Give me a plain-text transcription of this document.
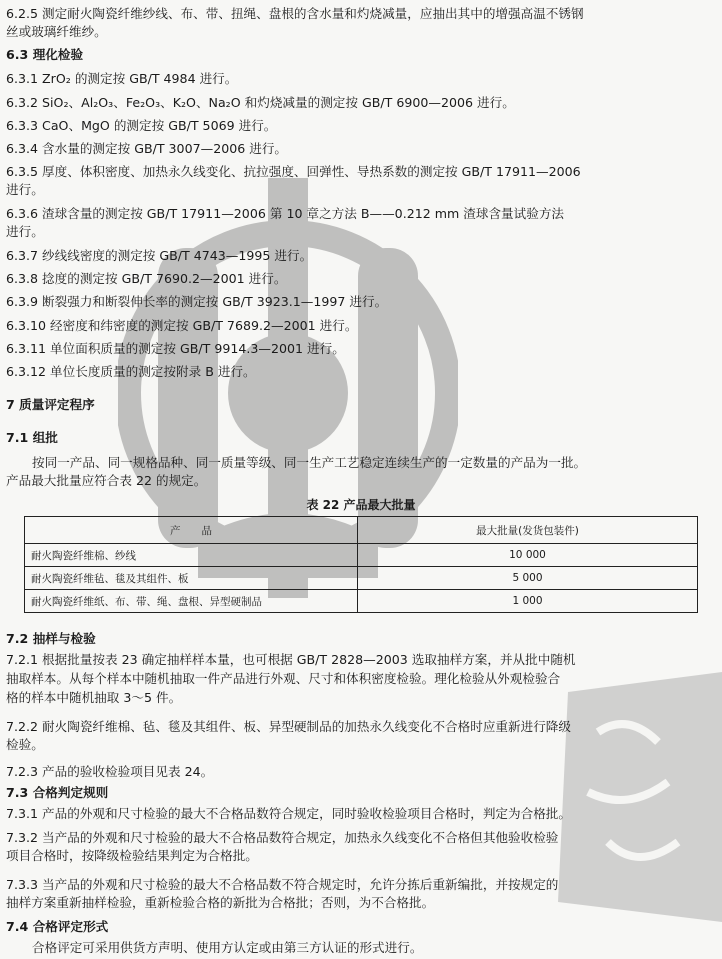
6.2.5 测定耐火陶瓷纤维纱线、布、带、扭绳、盘根的含水量和灼烧减量，应抽出其中的增强高温不锈钢
丝或玻璃纤维纱。
6.3 理化检验
6.3.1 ZrO₂ 的测定按 GB/T 4984 进行。
6.3.2 SiO₂、Al₂O₃、Fe₂O₃、K₂O、Na₂O 和灼烧减量的测定按 GB/T 6900—2006 进行。
6.3.3 CaO、MgO 的测定按 GB/T 5069 进行。
6.3.4 含水量的测定按 GB/T 3007—2006 进行。
6.3.5 厚度、体积密度、加热永久线变化、抗拉强度、回弹性、导热系数的测定按 GB/T 17911—2006
进行。
6.3.6 渣球含量的测定按 GB/T 17911—2006 第 10 章之方法 B——0.212 mm 渣球含量试验方法
进行。
6.3.7 纱线线密度的测定按 GB/T 4743—1995 进行。
6.3.8 捻度的测定按 GB/T 7690.2—2001 进行。
6.3.9 断裂强力和断裂伸长率的测定按 GB/T 3923.1—1997 进行。
6.3.10 经密度和纬密度的测定按 GB/T 7689.2—2001 进行。
6.3.11 单位面积质量的测定按 GB/T 9914.3—2001 进行。
6.3.12 单位长度质量的测定按附录 B 进行。
7 质量评定程序
7.1 组批
按同一产品、同一规格品种、同一质量等级、同一生产工艺稳定连续生产的一定数量的产品为一批。
产品最大批量应符合表 22 的规定。
7.2 抽样与检验
7.2.1 根据批量按表 23 确定抽样样本量，也可根据 GB/T 2828—2003 选取抽样方案，并从批中随机
抽取样本。从每个样本中随机抽取一件产品进行外观、尺寸和体积密度检验。理化检验从外观检验合
格的样本中随机抽取 3～5 件。
7.2.2 耐火陶瓷纤维棉、毡、毯及其组件、板、异型硬制品的加热永久线变化不合格时应重新进行降级
检验。
7.2.3 产品的验收检验项目见表 24。
7.3 合格判定规则
7.3.1 产品的外观和尺寸检验的最大不合格品数符合规定，同时验收检验项目合格时，判定为合格批。
7.3.2 当产品的外观和尺寸检验的最大不合格品数符合规定，加热永久线变化不合格但其他验收检验
项目合格时，按降级检验结果判定为合格批。
7.3.3 当产品的外观和尺寸检验的最大不合格品数不符合规定时，允许分拣后重新编批，并按规定的
抽样方案重新抽样检验，重新检验合格的新批为合格批；否则，为不合格批。
7.4 合格评定形式
合格评定可采用供货方声明、使用方认定或由第三方认证的形式进行。
表 22 产品最大批量
产　　品	最大批量(发货包装件)
耐火陶瓷纤维棉、纱线	10 000
耐火陶瓷纤维毡、毯及其组件、板	5 000
耐火陶瓷纤维纸、布、带、绳、盘根、异型硬制品	1 000
